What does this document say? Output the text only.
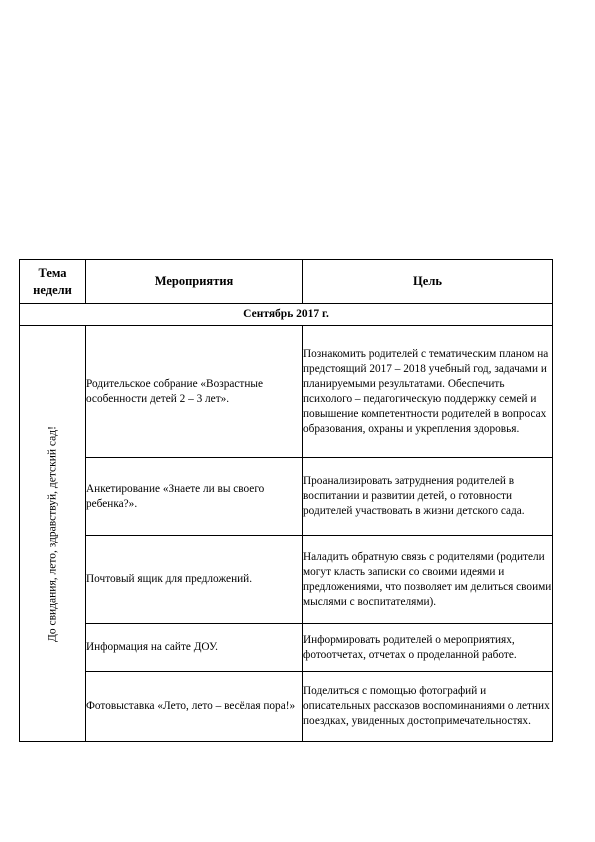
Тема недели	Мероприятия	Цель
Сентябрь 2017 г.		

До свидания, лето, здравствуй, детский сад!	Родительское собрание «Возрастные особенности детей 2 – 3 лет».	Познакомить родителей с тематическим планом на предстоящий 2017 – 2018 учебный год, задачами и планируемыми результатами. Обеспечить психолого – педагогическую поддержку семей и повышение компетентности родителей в вопросах образования, охраны и укрепления здоровья.
	Анкетирование «Знаете ли вы своего ребенка?».	Проанализировать затруднения родителей в воспитании и развитии детей, о готовности родителей участвовать в жизни детского сада.
	Почтовый ящик для предложений.	Наладить обратную связь с родителями (родители могут класть записки со своими идеями и предложениями, что позволяет им делиться своими мыслями с воспитателями).
	Информация на сайте ДОУ.	Информировать родителей о мероприятиях, фотоотчетах, отчетах о проделанной работе.
	Фотовыставка «Лето, лето – весёлая пора!»	Поделиться с помощью фотографий и описательных рассказов воспоминаниями о летних поездках, увиденных достопримечательностях.
